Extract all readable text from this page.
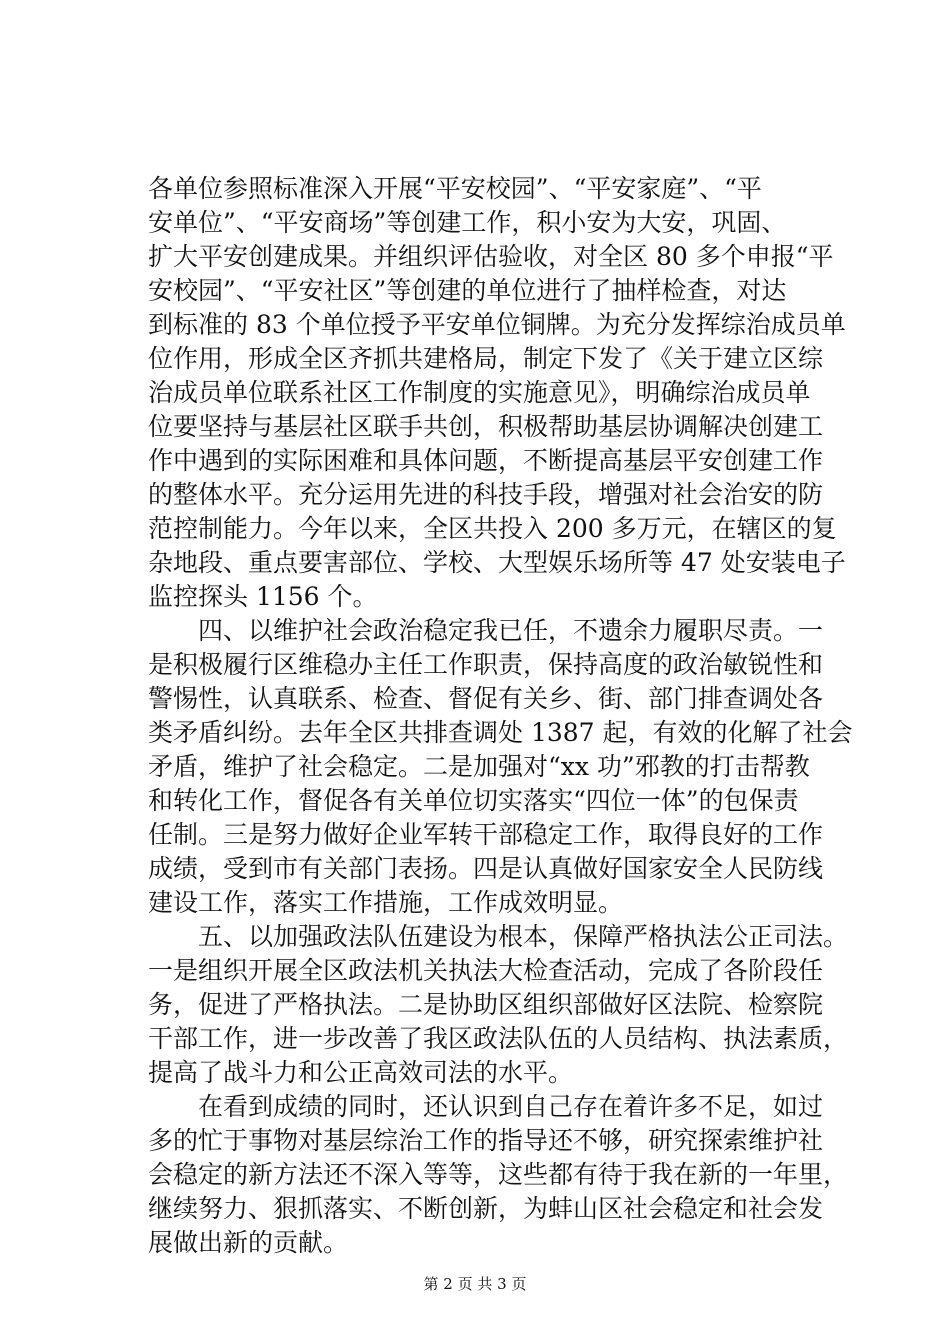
各单位参照标准深入开展“平安校园”、“平安家庭”、“平
安单位”、“平安商场”等创建工作，积小安为大安，巩固、
扩大平安创建成果。并组织评估验收，对全区 80 多个申报“平
安校园”、“平安社区”等创建的单位进行了抽样检查，对达
到标准的 83 个单位授予平安单位铜牌。为充分发挥综治成员单
位作用，形成全区齐抓共建格局，制定下发了《关于建立区综
治成员单位联系社区工作制度的实施意见》，明确综治成员单
位要坚持与基层社区联手共创，积极帮助基层协调解决创建工
作中遇到的实际困难和具体问题，不断提高基层平安创建工作
的整体水平。充分运用先进的科技手段，增强对社会治安的防
范控制能力。今年以来，全区共投入 200 多万元，在辖区的复
杂地段、重点要害部位、学校、大型娱乐场所等 47 处安装电子
监控探头 1156 个。
　　四、以维护社会政治稳定我已任，不遗余力履职尽责。一
是积极履行区维稳办主任工作职责，保持高度的政治敏锐性和
警惕性，认真联系、检查、督促有关乡、街、部门排查调处各
类矛盾纠纷。去年全区共排查调处 1387 起，有效的化解了社会
矛盾，维护了社会稳定。二是加强对“xx 功”邪教的打击帮教
和转化工作，督促各有关单位切实落实“四位一体”的包保责
任制。三是努力做好企业军转干部稳定工作，取得良好的工作
成绩，受到市有关部门表扬。四是认真做好国家安全人民防线
建设工作，落实工作措施，工作成效明显。
　　五、以加强政法队伍建设为根本，保障严格执法公正司法。
一是组织开展全区政法机关执法大检查活动，完成了各阶段任
务，促进了严格执法。二是协助区组织部做好区法院、检察院
干部工作，进一步改善了我区政法队伍的人员结构、执法素质，
提高了战斗力和公正高效司法的水平。
　　在看到成绩的同时，还认识到自己存在着许多不足，如过
多的忙于事物对基层综治工作的指导还不够，研究探索维护社
会稳定的新方法还不深入等等，这些都有待于我在新的一年里，
继续努力、狠抓落实、不断创新，为蚌山区社会稳定和社会发
展做出新的贡献。
第 2 页 共 3 页
